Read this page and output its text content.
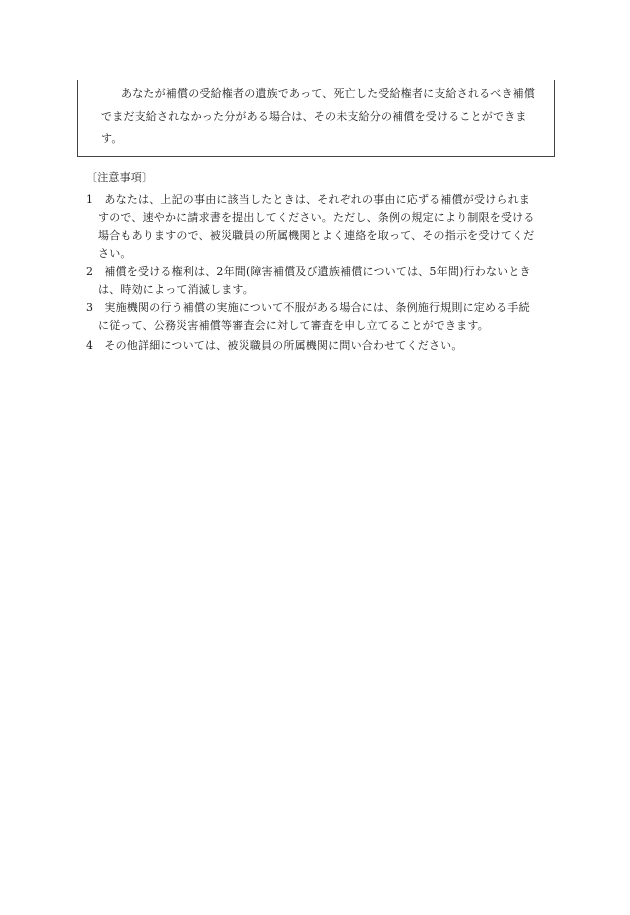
あなたが補償の受給権者の遺族であって、死亡した受給権者に支給されるべき補償
でまだ支給されなかった分がある場合は、その未支給分の補償を受けることができま
す。
〔注意事項〕
1　あなたは、上記の事由に該当したときは、それぞれの事由に応ずる補償が受けられま
すので、速やかに請求書を提出してください。ただし、条例の規定により制限を受ける
場合もありますので、被災職員の所属機関とよく連絡を取って、その指示を受けてくだ
さい。
2　補償を受ける権利は、2年間(障害補償及び遺族補償については、5年間)行わないとき
は、時効によって消滅します。
3　実施機関の行う補償の実施について不服がある場合には、条例施行規則に定める手続
に従って、公務災害補償等審査会に対して審査を申し立てることができます。
4　その他詳細については、被災職員の所属機関に問い合わせてください。
